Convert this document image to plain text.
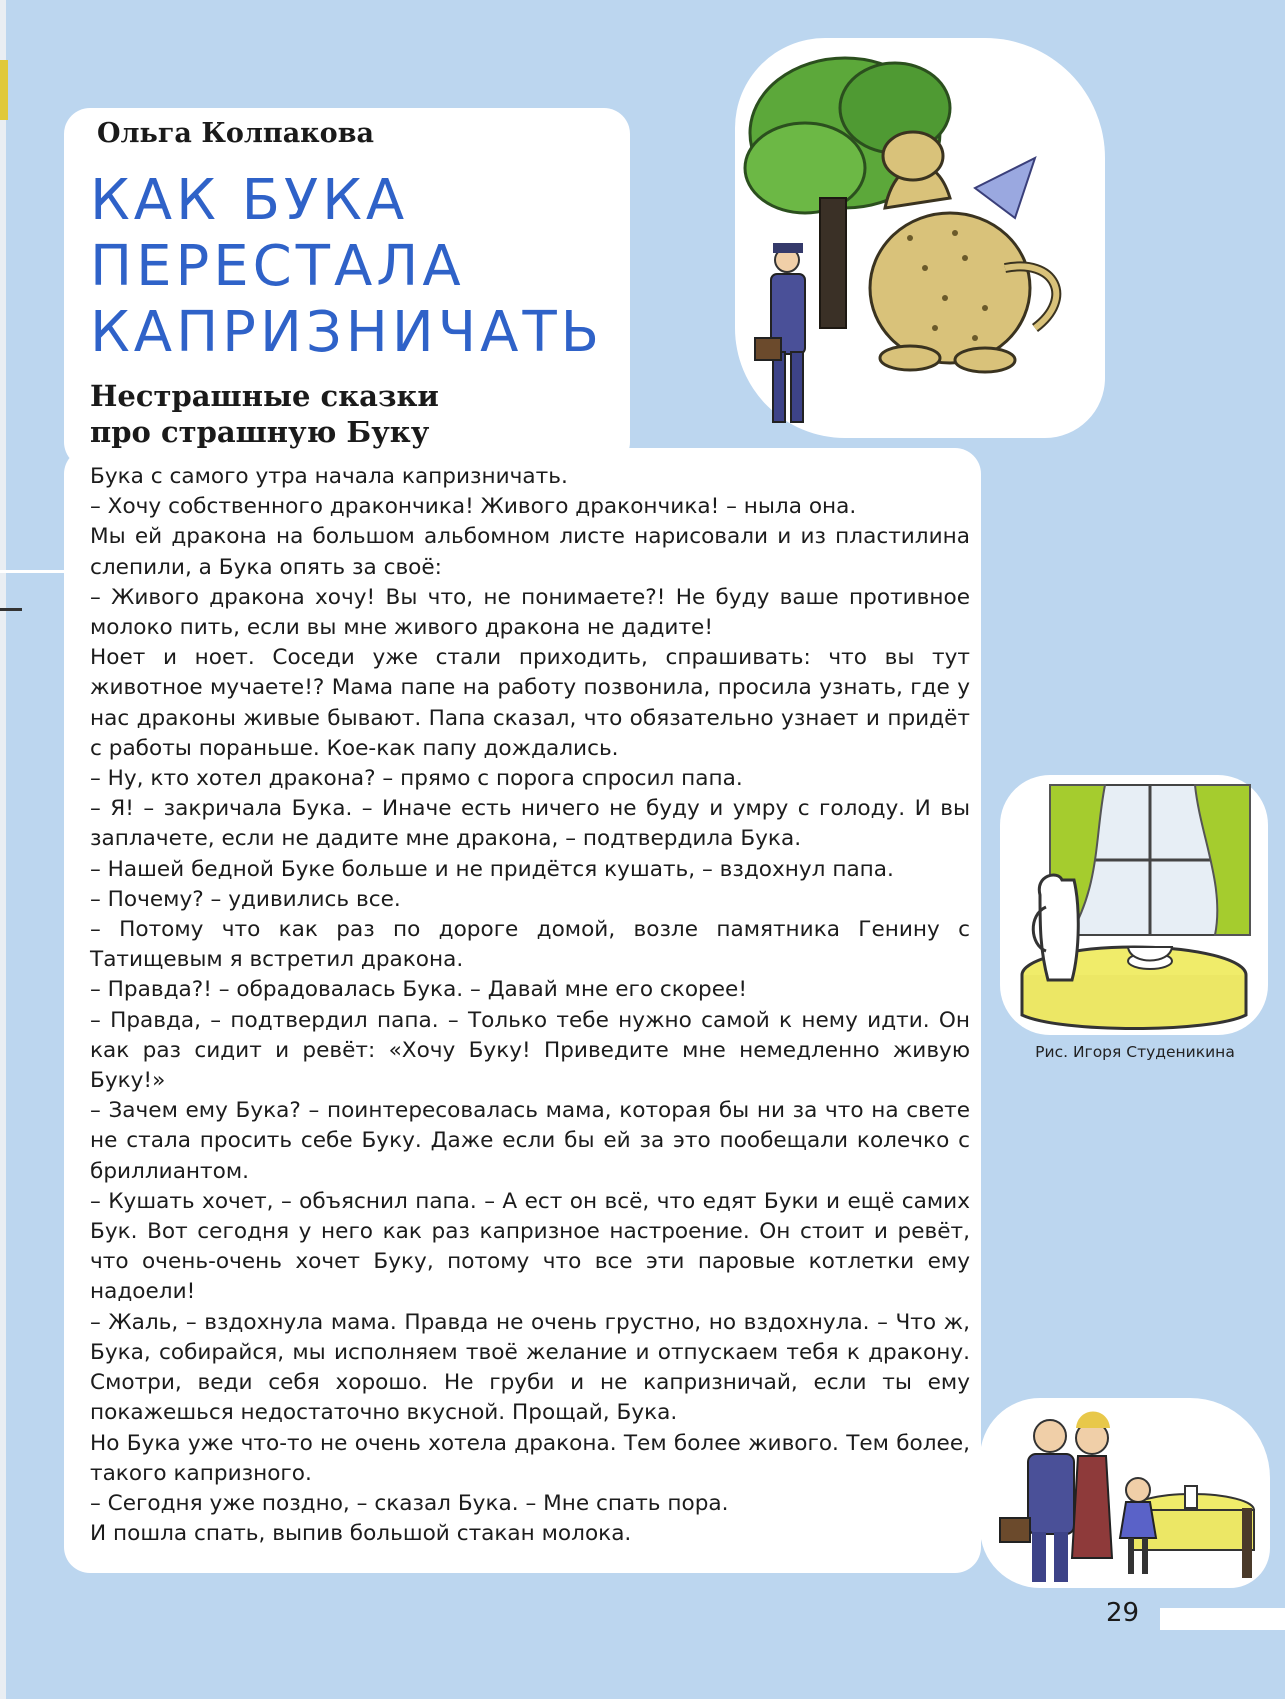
Ольга Колпакова
КАК БУКА
ПЕРЕСТАЛА
КАПРИЗНИЧАТЬ
Нестрашные сказки
про страшную Буку

Бука с самого утра начала капризничать.

– Хочу собственного дракончика! Живого дракончика! – ныла она.

Мы ей дракона на большом альбомном листе нарисовали и из пластилина слепили, а Бука опять за своё:

– Живого дракона хочу! Вы что, не понимаете?! Не буду ваше противное молоко пить, если вы мне живого дракона не дадите!

Ноет и ноет. Соседи уже стали приходить, спрашивать: что вы тут животное мучаете!? Мама папе на работу позвонила, просила узнать, где у нас драконы живые бывают. Папа сказал, что обязательно узнает и придёт с работы пораньше. Кое-как папу дождались.

– Ну, кто хотел дракона? – прямо с порога спросил папа.

– Я! – закричала Бука. – Иначе есть ничего не буду и умру с голоду. И вы заплачете, если не дадите мне дракона, – подтвердила Бука.

– Нашей бедной Буке больше и не придётся кушать, – вздохнул папа.

– Почему? – удивились все.

– Потому что как раз по дороге домой, возле памятника Генину с Татищевым я встретил дракона.

– Правда?! – обрадовалась Бука. – Давай мне его скорее!

– Правда, – подтвердил папа. – Только тебе нужно самой к нему идти. Он как раз сидит и ревёт: «Хочу Буку! Приведите мне немедленно живую Буку!»

– Зачем ему Бука? – поинтересовалась мама, которая бы ни за что на свете не стала просить себе Буку. Даже если бы ей за это пообещали колечко с бриллиантом.

– Кушать хочет, – объяснил папа. – А ест он всё, что едят Буки и ещё самих Бук. Вот сегодня у него как раз капризное настроение. Он стоит и ревёт, что очень-очень хочет Буку, потому что все эти паровые котлетки ему надоели!

– Жаль, – вздохнула мама. Правда не очень грустно, но вздохнула. – Что ж, Бука, собирайся, мы исполняем твоё желание и отпускаем тебя к дракону. Смотри, веди себя хорошо. Не груби и не капризничай, если ты ему покажешься недостаточно вкусной. Прощай, Бука.

Но Бука уже что-то не очень хотела дракона. Тем более живого. Тем более, такого капризного.

– Сегодня уже поздно, – сказал Бука. – Мне спать пора.

И пошла спать, выпив большой стакан молока.

Рис. Игоря Студеникина
29
